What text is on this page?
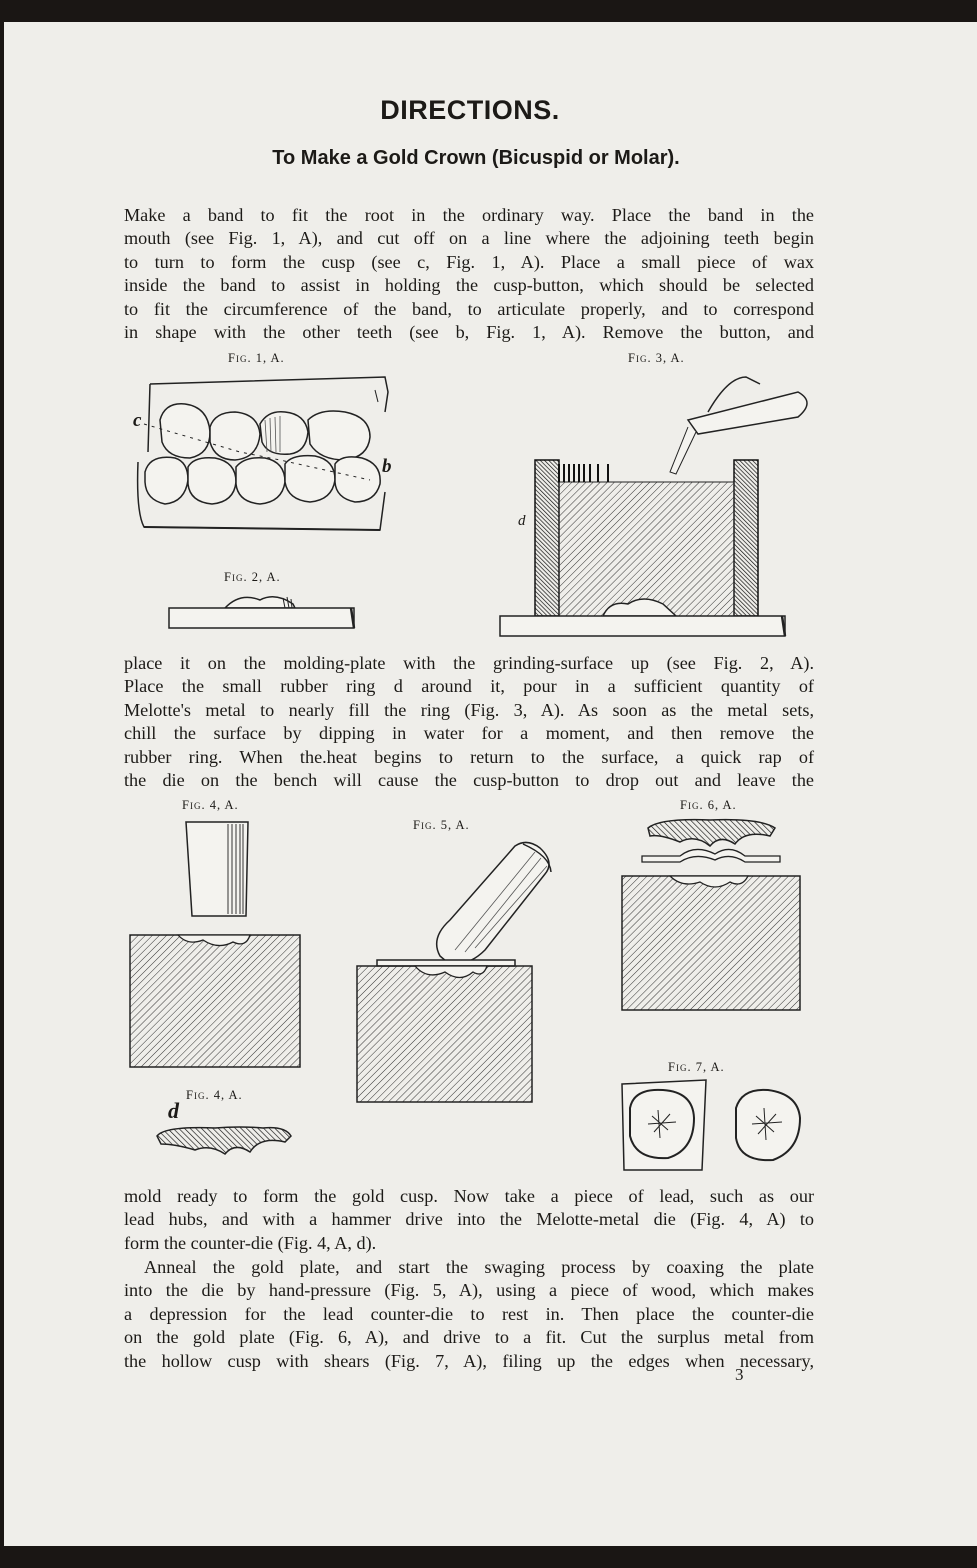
DIRECTIONS.
To Make a Gold Crown (Bicuspid or Molar).
Make a band to fit the root in the ordinary way. Place the band in the
mouth (see Fig. 1, A), and cut off on a line where the adjoining teeth begin
to turn to form the cusp (see c, Fig. 1, A). Place a small piece of wax
inside the band to assist in holding the cusp-button, which should be selected
to fit the circumference of the band, to articulate properly, and to correspond
in shape with the other teeth (see b, Fig. 1, A). Remove the button, and
Fig. 1, A.	Fig. 3, A.
c
b
Fig. 2, A.
d
place it on the molding-plate with the grinding-surface up (see Fig. 2, A).
Place the small rubber ring d around it, pour in a sufficient quantity of
Melotte's metal to nearly fill the ring (Fig. 3, A). As soon as the metal sets,
chill the surface by dipping in water for a moment, and then remove the
rubber ring. When the.heat begins to return to the surface, a quick rap of
the die on the bench will cause the cusp-button to drop out and leave the
Fig. 4, A.
Fig. 5, A.
Fig. 6, A.
Fig. 4, A.
d
Fig. 7, A.
mold ready to form the gold cusp. Now take a piece of lead, such as our
lead hubs, and with a hammer drive into the Melotte-metal die (Fig. 4, A) to
form the counter-die (Fig. 4, A, d).
Anneal the gold plate, and start the swaging process by coaxing the plate
into the die by hand-pressure (Fig. 5, A), using a piece of wood, which makes
a depression for the lead counter-die to rest in. Then place the counter-die
on the gold plate (Fig. 6, A), and drive to a fit. Cut the surplus metal from
the hollow cusp with shears (Fig. 7, A), filing up the edges when necessary,
3
